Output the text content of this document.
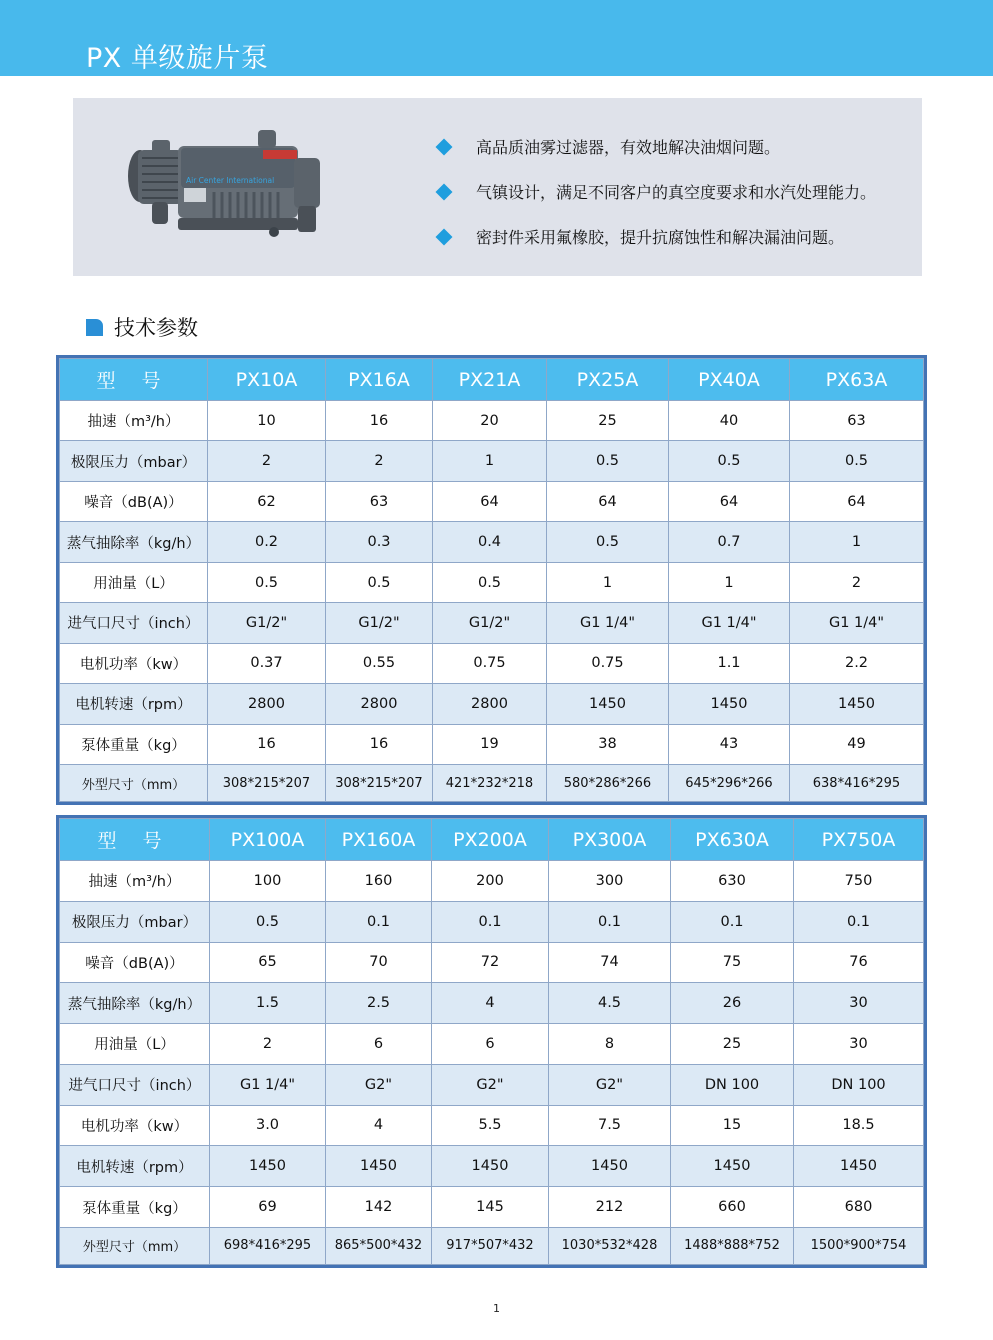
PX 单级旋片泵
Air Center International
高品质油雾过滤器，有效地解决油烟问题。
气镇设计，满足不同客户的真空度要求和水汽处理能力。
密封件采用氟橡胶，提升抗腐蚀性和解决漏油问题。
技术参数
型 号	PX10A	PX16A	PX21A	PX25A	PX40A	PX63A
抽速（m³/h）	10	16	20	25	40	63
极限压力（mbar）	2	2	1	0.5	0.5	0.5
噪音（dB(A)）	62	63	64	64	64	64
蒸气抽除率（kg/h）	0.2	0.3	0.4	0.5	0.7	1
用油量（L）	0.5	0.5	0.5	1	1	2
进气口尺寸（inch）	G1/2"	G1/2"	G1/2"	G1 1/4"	G1 1/4"	G1 1/4"
电机功率（kw）	0.37	0.55	0.75	0.75	1.1	2.2
电机转速（rpm）	2800	2800	2800	1450	1450	1450
泵体重量（kg）	16	16	19	38	43	49
外型尺寸（mm）	308*215*207	308*215*207	421*232*218	580*286*266	645*296*266	638*416*295
型 号	PX100A	PX160A	PX200A	PX300A	PX630A	PX750A
抽速（m³/h）	100	160	200	300	630	750
极限压力（mbar）	0.5	0.1	0.1	0.1	0.1	0.1
噪音（dB(A)）	65	70	72	74	75	76
蒸气抽除率（kg/h）	1.5	2.5	4	4.5	26	30
用油量（L）	2	6	6	8	25	30
进气口尺寸（inch）	G1 1/4"	G2"	G2"	G2"	DN 100	DN 100
电机功率（kw）	3.0	4	5.5	7.5	15	18.5
电机转速（rpm）	1450	1450	1450	1450	1450	1450
泵体重量（kg）	69	142	145	212	660	680
外型尺寸（mm）	698*416*295	865*500*432	917*507*432	1030*532*428	1488*888*752	1500*900*754
1
